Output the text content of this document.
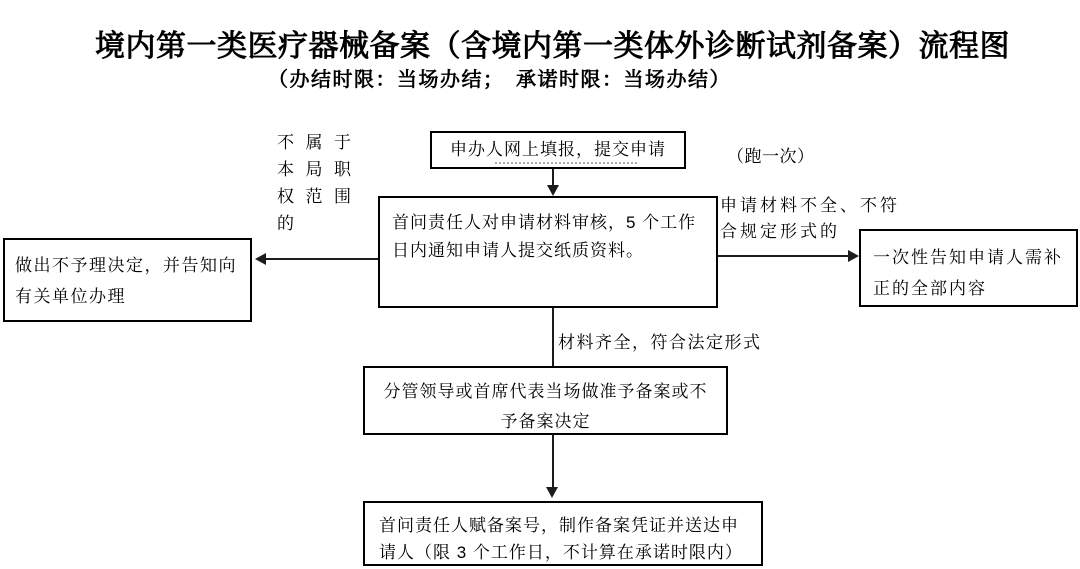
境内第一类医疗器械备案（含境内第一类体外诊断试剂备案）流程图
（办结时限：当场办结；　承诺时限：当场办结）
申办人网上填报，提交申请
首问责任人对申请材料审核，5 个工作
日内通知申请人提交纸质资料。
做出不予理决定，并告知向
有关单位办理
一次性告知申请人需补
正的全部内容
分管领导或首席代表当场做准予备案或不
予备案决定
首问责任人赋备案号，制作备案凭证并送达申
请人（限 3 个工作日，不计算在承诺时限内）
不属于
本局职
权范围
的
（跑一次）
申请材料不全、不符
合规定形式的
材料齐全，符合法定形式
